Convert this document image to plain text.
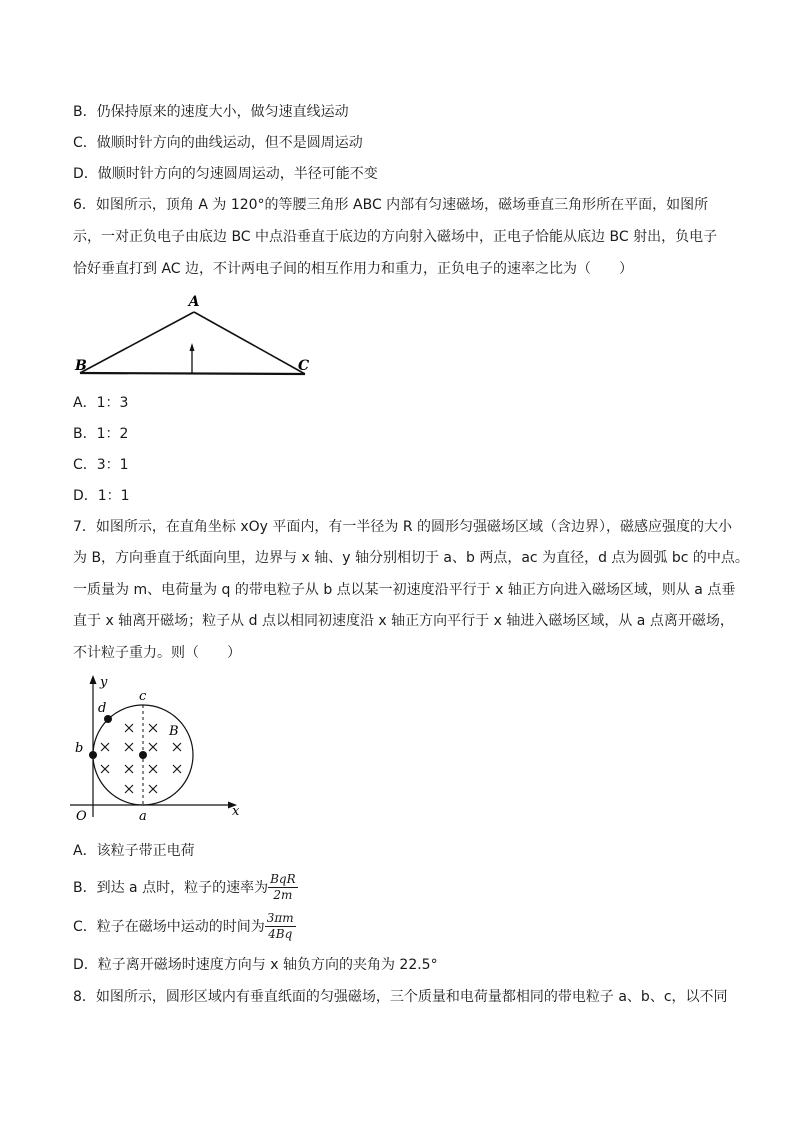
B．仍保持原来的速度大小，做匀速直线运动
C．做顺时针方向的曲线运动，但不是圆周运动
D．做顺时针方向的匀速圆周运动，半径可能不变
6．如图所示，顶角 A 为 120°的等腰三角形 ABC 内部有匀速磁场，磁场垂直三角形所在平面，如图所
示，一对正负电子由底边 BC 中点沿垂直于底边的方向射入磁场中，正电子恰能从底边 BC 射出，负电子
恰好垂直打到 AC 边，不计两电子间的相互作用力和重力，正负电子的速率之比为（　　）
A
B	C
A．1：3
B．1：2
C．3：1
D．1：1
7．如图所示，在直角坐标 xOy 平面内，有一半径为 R 的圆形匀强磁场区域（含边界），磁感应强度的大小
为 B，方向垂直于纸面向里，边界与 x 轴、y 轴分别相切于 a、b 两点，ac 为直径，d 点为圆弧 bc 的中点。
一质量为 m、电荷量为 q 的带电粒子从 b 点以某一初速度沿平行于 x 轴正方向进入磁场区域，则从 a 点垂
直于 x 轴离开磁场；粒子从 d 点以相同初速度沿 x 轴正方向平行于 x 轴进入磁场区域，从 a 点离开磁场，
不计粒子重力。则（　　）
y
x
O	a
b
c
d
B
A．该粒子带正电荷
B．到达 a 点时，粒子的速率为 $\frac{\text{BqR}}{2m}$
C．粒子在磁场中运动的时间为 $\frac{3\pi m}{4Bq}$
D．粒子离开磁场时速度方向与 x 轴负方向的夹角为 22.5°
8．如图所示，圆形区域内有垂直纸面的匀强磁场，三个质量和电荷量都相同的带电粒子 a、b、c，以不同
